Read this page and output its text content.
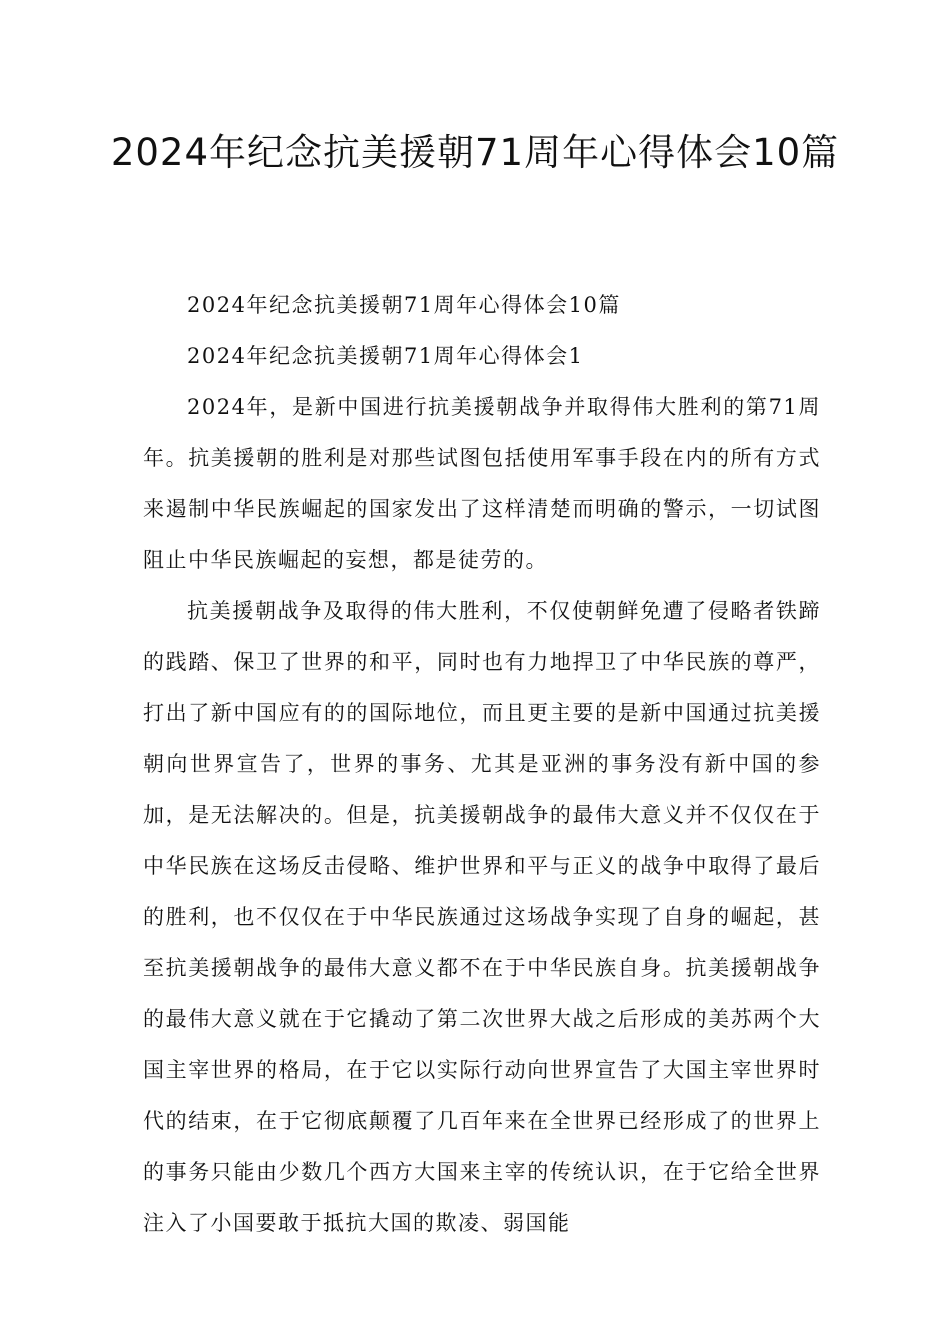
2024年纪念抗美援朝71周年心得体会10篇

2024年纪念抗美援朝71周年心得体会10篇

2024年纪念抗美援朝71周年心得体会1

2024年，是新中国进行抗美援朝战争并取得伟大胜利的第71周年。抗美援朝的胜利是对那些试图包括使用军事手段在内的所有方式来遏制中华民族崛起的国家发出了这样清楚而明确的警示，一切试图阻止中华民族崛起的妄想，都是徒劳的。

抗美援朝战争及取得的伟大胜利，不仅使朝鲜免遭了侵略者铁蹄的践踏、保卫了世界的和平，同时也有力地捍卫了中华民族的尊严，打出了新中国应有的的国际地位，而且更主要的是新中国通过抗美援朝向世界宣告了，世界的事务、尤其是亚洲的事务没有新中国的参加，是无法解决的。但是，抗美援朝战争的最伟大意义并不仅仅在于中华民族在这场反击侵略、维护世界和平与正义的战争中取得了最后的胜利，也不仅仅在于中华民族通过这场战争实现了自身的崛起，甚至抗美援朝战争的最伟大意义都不在于中华民族自身。抗美援朝战争的最伟大意义就在于它撬动了第二次世界大战之后形成的美苏两个大国主宰世界的格局，在于它以实际行动向世界宣告了大国主宰世界时代的结束，在于它彻底颠覆了几百年来在全世界已经形成了的世界上的事务只能由少数几个西方大国来主宰的传统认识，在于它给全世界注入了小国要敢于抵抗大国的欺凌、弱国能
